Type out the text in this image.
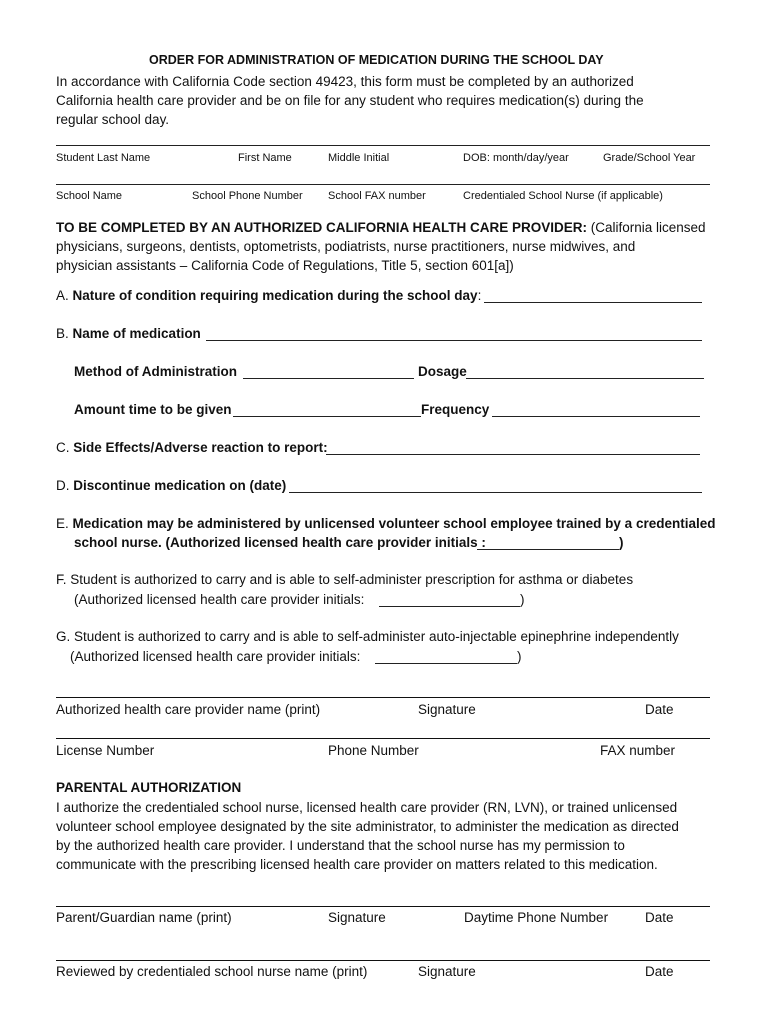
ORDER FOR ADMINISTRATION OF MEDICATION DURING THE SCHOOL DAY
In accordance with California Code section 49423, this form must be completed by an authorized
California health care provider and be on file for any student who requires medication(s) during the
regular school day.
Student Last Name	First Name	Middle Initial	DOB: month/day/year	Grade/School Year
School Name	School Phone Number School FAX number	Credentialed School Nurse (if applicable)
TO BE COMPLETED BY AN AUTHORIZED CALIFORNIA HEALTH CARE PROVIDER: (California licensed
physicians, surgeons, dentists, optometrists, podiatrists, nurse practitioners, nurse midwives, and
physician assistants – California Code of Regulations, Title 5, section 601[a])
A. Nature of condition requiring medication during the school day:
B. Name of medication
Method of Administration	Dosage
Amount time to be given	Frequency
C. Side Effects/Adverse reaction to report:
D. Discontinue medication on (date)
E. Medication may be administered by unlicensed volunteer school employee trained by a credentialed
school nurse. (Authorized licensed health care provider initials :	)
F. Student is authorized to carry and is able to self-administer prescription for asthma or diabetes
(Authorized licensed health care provider initials:	)
G. Student is authorized to carry and is able to self-administer auto-injectable epinephrine independently
(Authorized licensed health care provider initials:	)
Authorized health care provider name (print)	Signature	Date
License Number	Phone Number	FAX number
PARENTAL AUTHORIZATION
I authorize the credentialed school nurse, licensed health care provider (RN, LVN), or trained unlicensed
volunteer school employee designated by the site administrator, to administer the medication as directed
by the authorized health care provider. I understand that the school nurse has my permission to
communicate with the prescribing licensed health care provider on matters related to this medication.
Parent/Guardian name (print)	Signature	Daytime Phone Number	Date
Reviewed by credentialed school nurse name (print)	Signature	Date
